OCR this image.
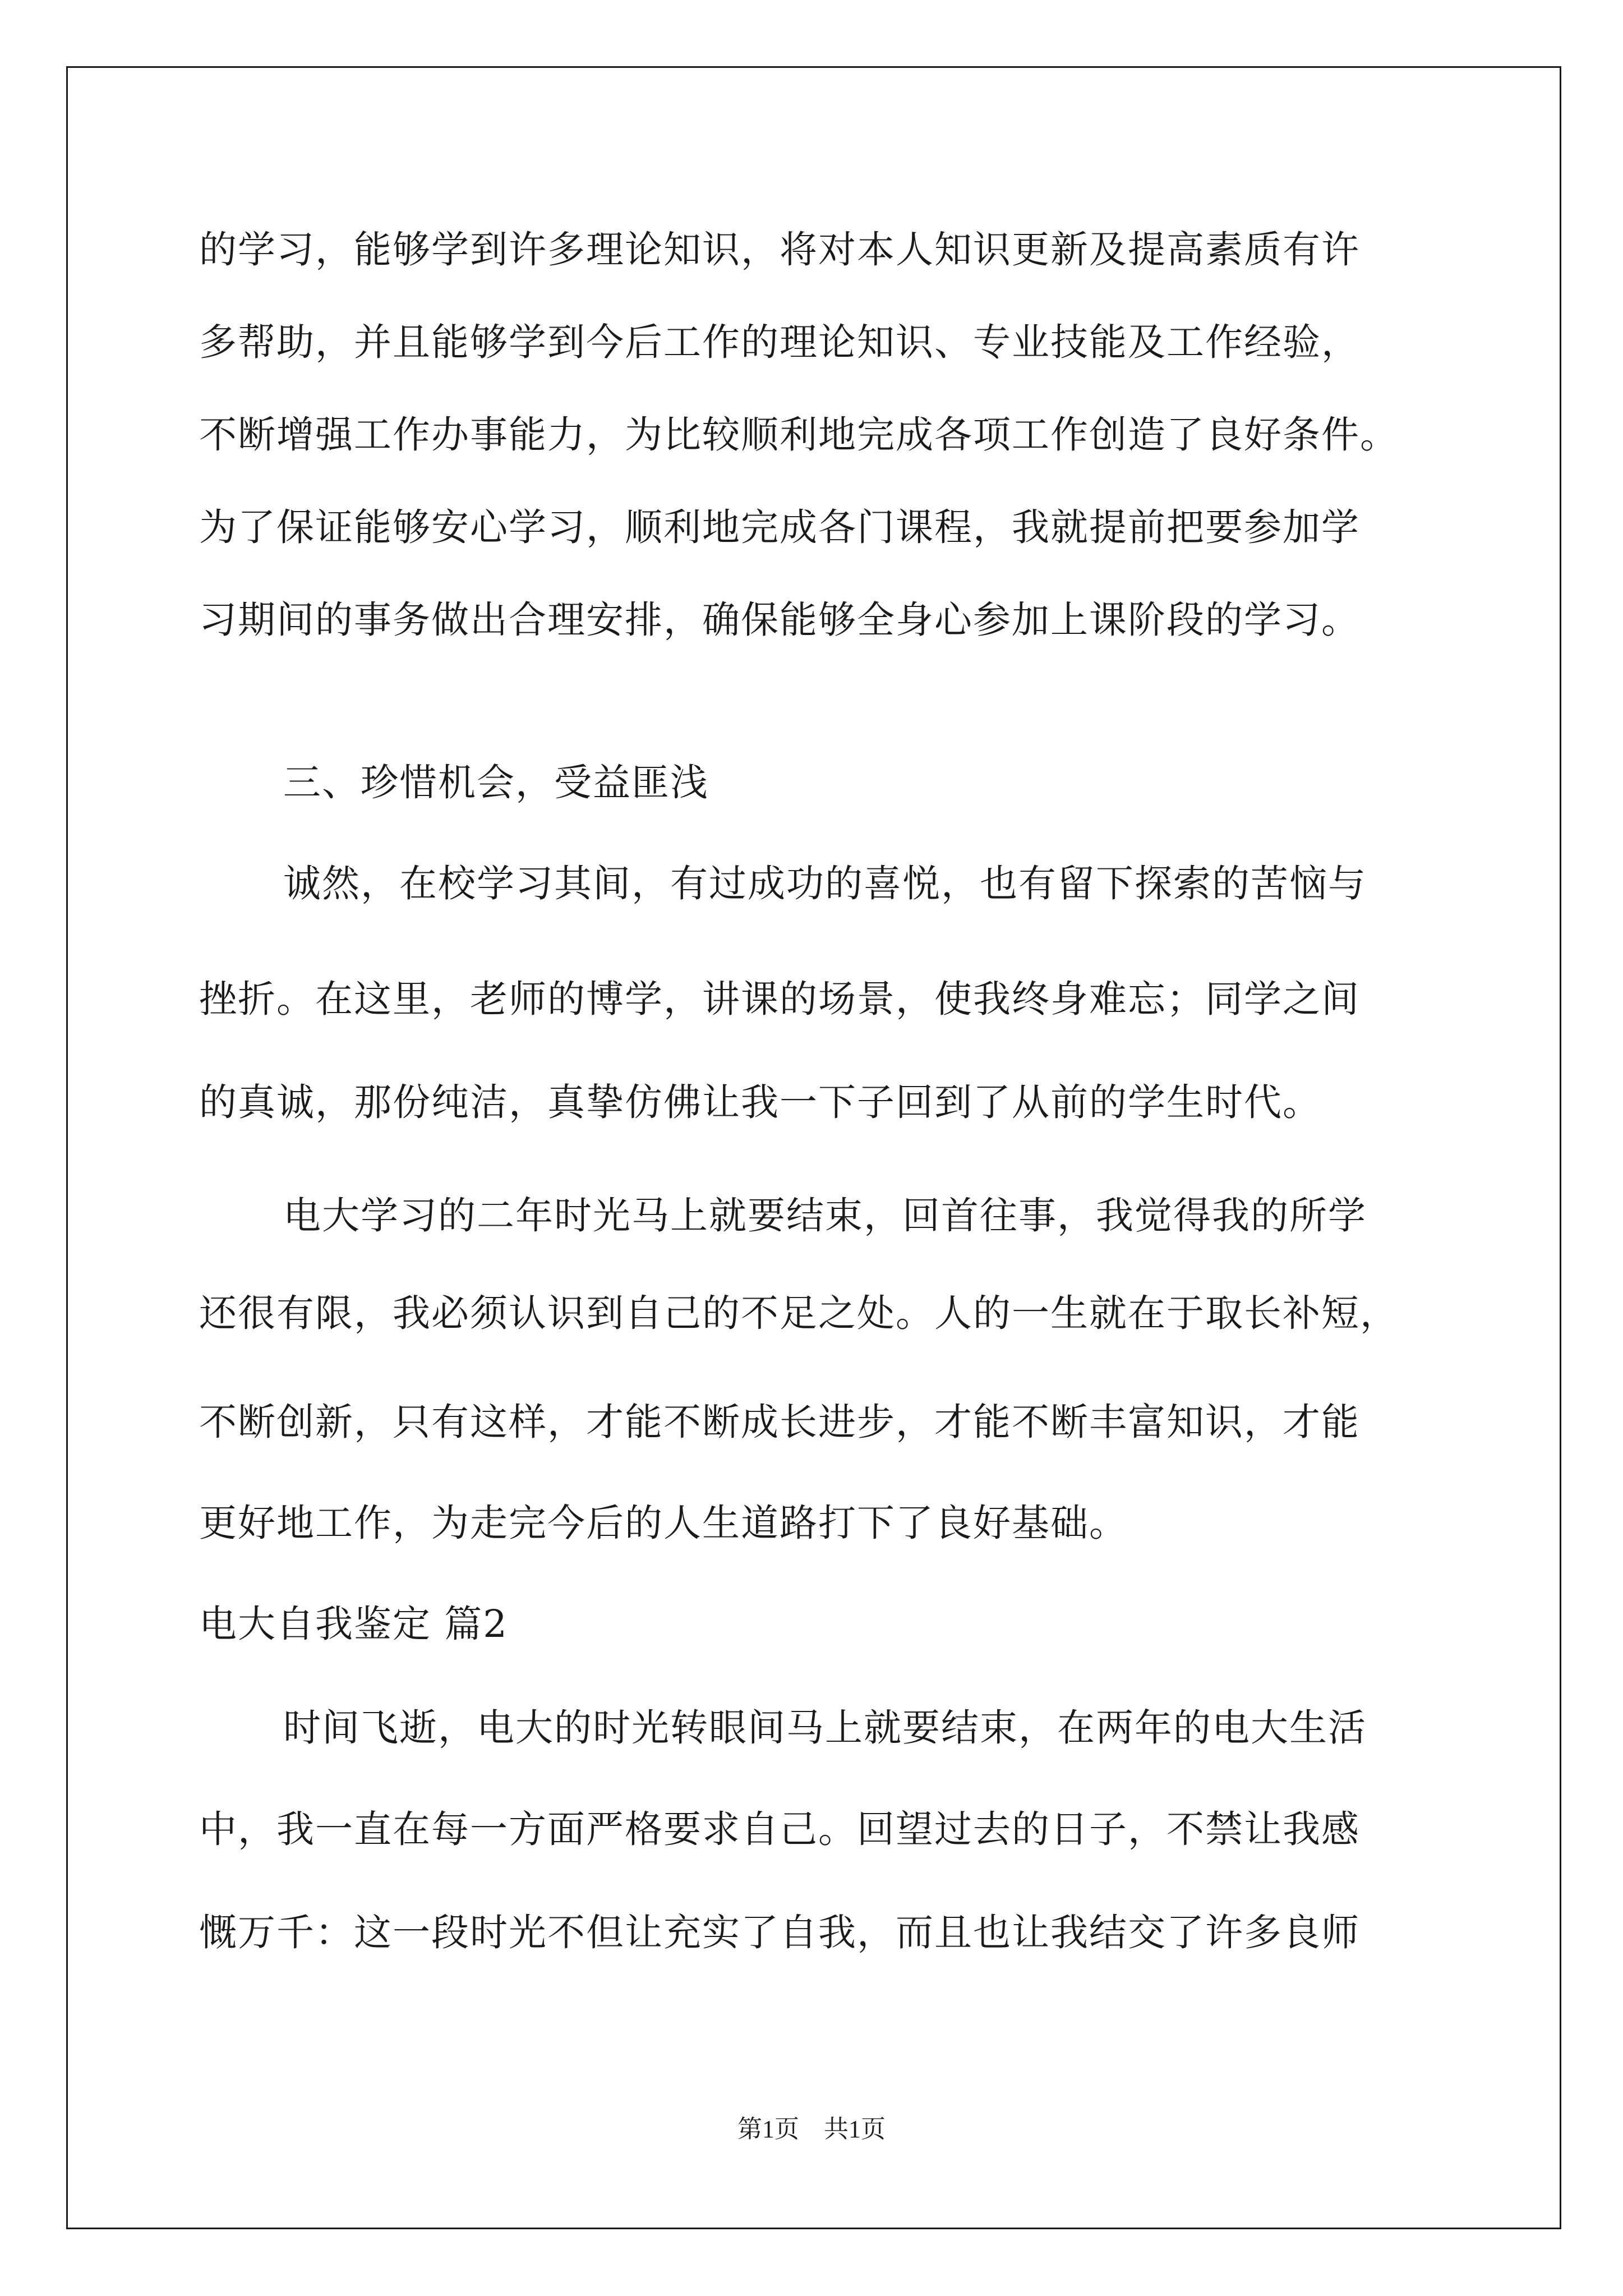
的学习，能够学到许多理论知识，将对本人知识更新及提高素质有许
多帮助，并且能够学到今后工作的理论知识、专业技能及工作经验，
不断增强工作办事能力，为比较顺利地完成各项工作创造了良好条件。
为了保证能够安心学习，顺利地完成各门课程，我就提前把要参加学
习期间的事务做出合理安排，确保能够全身心参加上课阶段的学习。
三、珍惜机会，受益匪浅
诚然，在校学习其间，有过成功的喜悦，也有留下探索的苦恼与
挫折。在这里，老师的博学，讲课的场景，使我终身难忘；同学之间
的真诚，那份纯洁，真挚仿佛让我一下子回到了从前的学生时代。
电大学习的二年时光马上就要结束，回首往事，我觉得我的所学
还很有限，我必须认识到自己的不足之处。人的一生就在于取长补短，
不断创新，只有这样，才能不断成长进步，才能不断丰富知识，才能
更好地工作，为走完今后的人生道路打下了良好基础。
电大自我鉴定 篇2
时间飞逝，电大的时光转眼间马上就要结束，在两年的电大生活
中，我一直在每一方面严格要求自己。回望过去的日子，不禁让我感
慨万千：这一段时光不但让充实了自我，而且也让我结交了许多良师
第1页　共1页
